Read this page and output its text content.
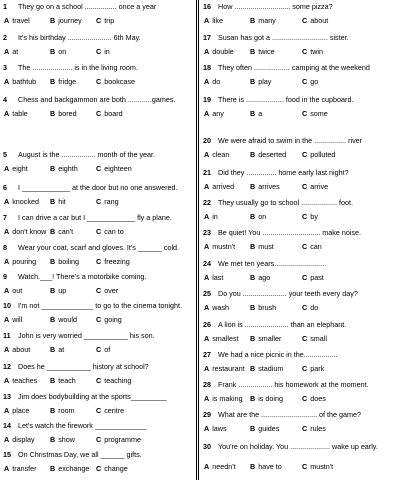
1 They go on a school ................ once a year
A travel	B journey C trip
2 It's his birthday ...................... 6th May.
A at	B on	C in
3 The .................... is in the living room.
A bathtub B fridge	C bookcase
4 Chess and backgammon are both ............games.
A table	B bored	C board
5 August is the ................. month of the year.
A eight	B eighth	C eighteen
6 I ____________ at the door but no one answered.
A knocked B hit	C rang
7 I can drive a car but I ____________ fly a plane.
A don't know B can't	C can to
8 Wear your coat, scarf and gloves. It's ______ cold.
A pouring B boiling C freezing
9 Watch.___! There's a motorbike coming.
A out	B up	C over
10 I'm not _____________ to go to the cinema tonight.
A will	B would	C going
11 John is very worried ___________ his son.
A about	B at	C of
12 Does he ___________ history at school?
A teaches B teach	C teaching
13 Jim does bodybuilding at the sports_________
A place	B room	C centre
14 Let's watch the firework _____________
A display B show	C programme
15 On Christmas Day, we all ______ gifts.
A transfer B exchange C change
16 How ............................ some pizza?
A like	B many	C about
17 Susan has got a ............................ sister.
A double B twice	C twin
18 They often .................. camping at the weekend
A do	B play	C go
19 There is ................... food in the cupboard.
A any	B a	C some
20 We were afraid to swim in the ................ river
A clean	B deserted C polluted
21 Did they ............... home early last night?
A arrived B arrives	C arrive
22 They usually go to school .................. foot.
A in	B on	C by
23 Be quiet! You ............................. make noise.
A mustn't B must	C can
24 We met ten years..........................
A last	B ago	C past
25 Do you ...................... your teeth every day?
A wash	B brush	C do
26 A lion is ...................... than an elephant.
A smallest B smaller	C small
27 We had a nice picnic in the.................
A restaurant B stadium	C park
28 Frank ................. his homework at the moment.
A is making B is doing	C does
29 What are the ............................ of the game?
A laws	B guides	C rules
30 You're on holiday. You .................... wake up early.
A needn't B have to	C mustn't
